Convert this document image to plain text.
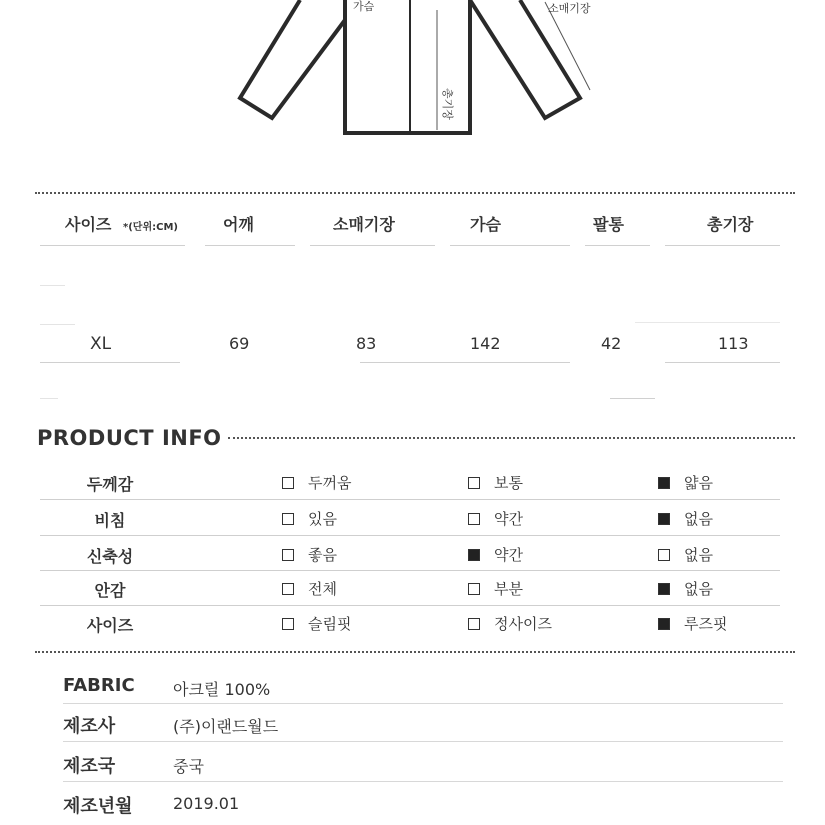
가슴	소매기장
총기장
사이즈 *(단위:CM)	어깨	소매기장	가슴	팔통	총기장
XL	69	83	142	42	113
PRODUCT INFO
두께감	두꺼움	보통	얇음
비침	있음	약간	없음
신축성	좋음	약간	없음
안감	전체	부분	없음
사이즈	슬림핏	정사이즈	루즈핏
FABRIC 아크릴 100%
제조사	(주)이랜드월드
제조국	중국
제조년월	2019.01
